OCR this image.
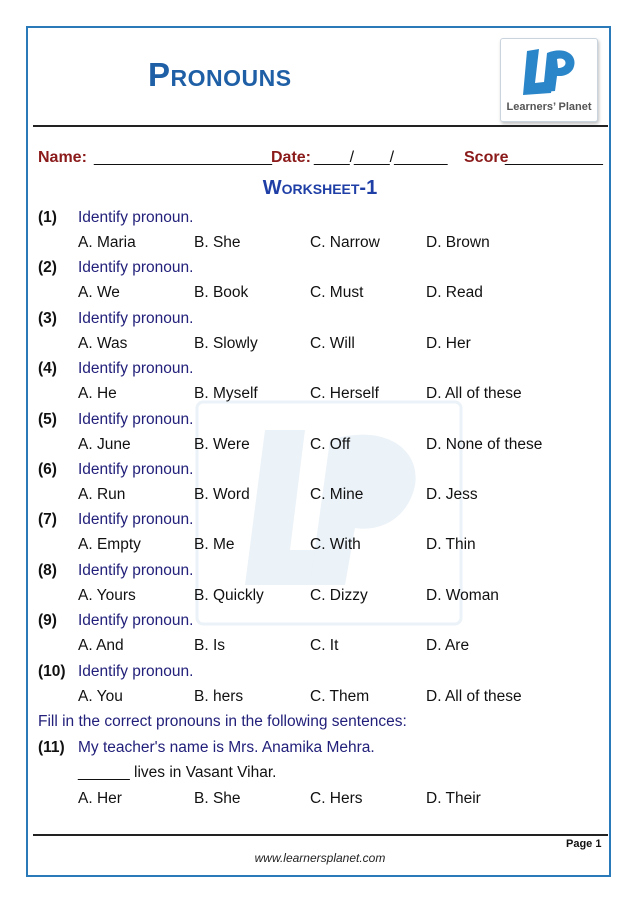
Pronouns
Learners’ Planet
Name: ____________________ Date: ____/____/______ Score
___________
Worksheet-1
(1) Identify pronoun.
A. Maria	B. She	C. Narrow	D. Brown
(2) Identify pronoun.
A. We	B. Book	C. Must	D. Read
(3) Identify pronoun.
A. Was	B. Slowly	C. Will	D. Her
(4) Identify pronoun.
A. He	B. Myself	C. Herself	D. All of these
(5) Identify pronoun.
A. June	B. Were	C. Off	D. None of these
(6) Identify pronoun.
A. Run	B. Word	C. Mine	D. Jess
(7) Identify pronoun.
A. Empty	B. Me	C. With	D. Thin
(8) Identify pronoun.
A. Yours	B. Quickly	C. Dizzy	D. Woman
(9) Identify pronoun.
A. And	B. Is	C. It	D. Are
(10) Identify pronoun.
A. You	B. hers	C. Them	D. All of these
Fill in the correct pronouns in the following sentences:
(11) My teacher's name is Mrs. Anamika Mehra.
______ lives in Vasant Vihar.
A. Her	B. She	C. Hers	D. Their
Page 1
www.learnersplanet.com
